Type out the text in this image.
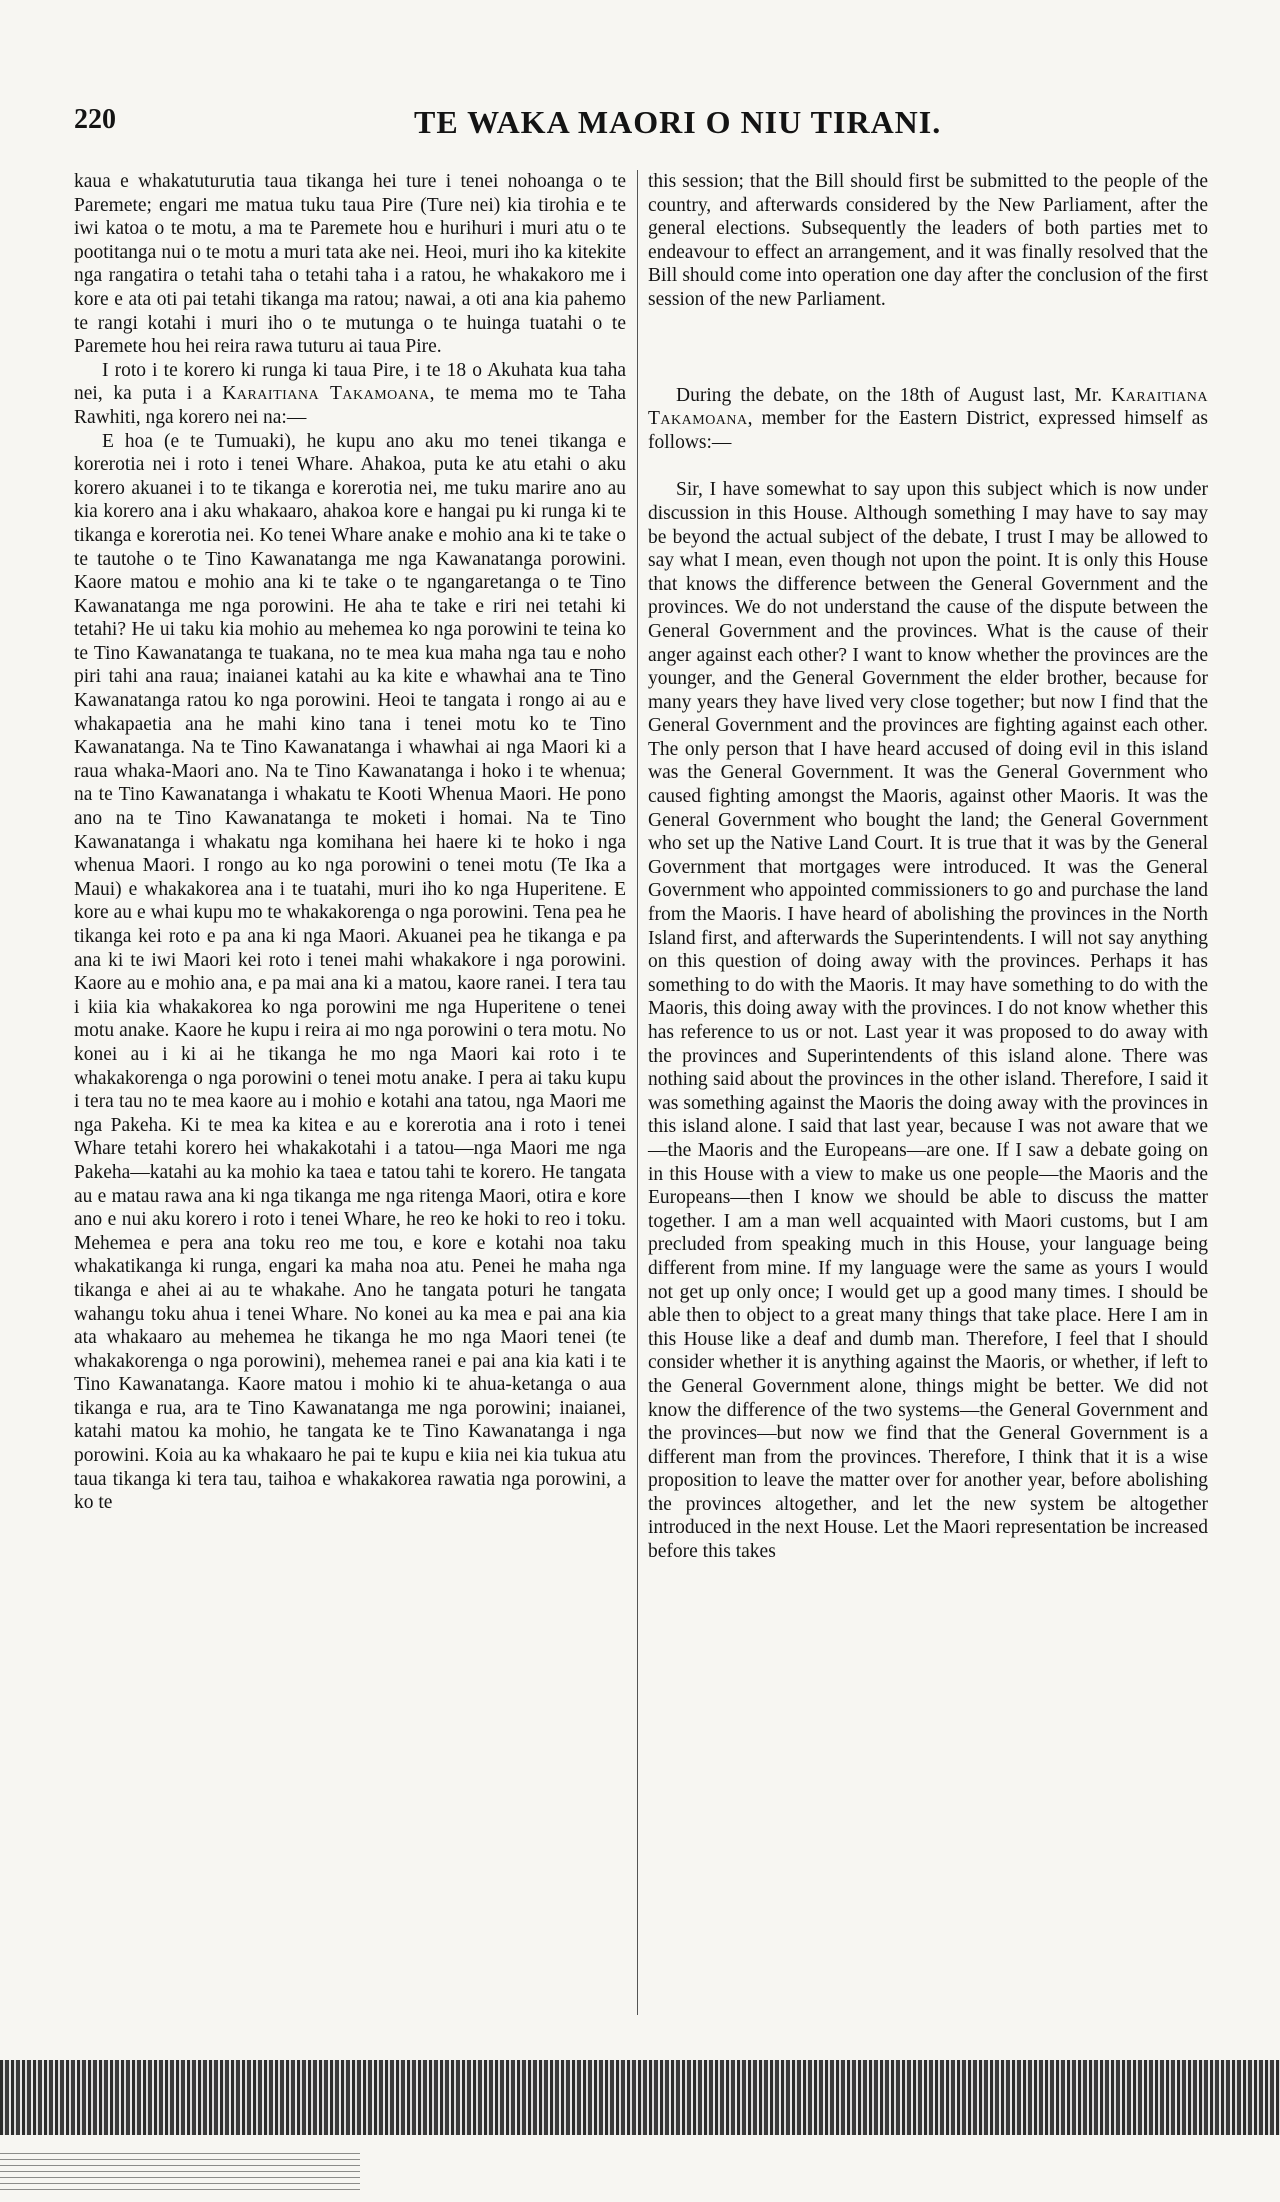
220	TE WAKA MAORI O NIU TIRANI.

kaua e whakatuturutia taua tikanga hei ture i tenei nohoanga o te Paremete; engari me matua tuku taua Pire (Ture nei) kia tirohia e te iwi katoa o te motu, a ma te Paremete hou e hurihuri i muri atu o te pootitanga nui o te motu a muri tata ake nei. Heoi, muri iho ka kitekite nga rangatira o tetahi taha o tetahi taha i a ratou, he whakakoro me i kore e ata oti pai tetahi tikanga ma ratou; nawai, a oti ana kia pahemo te rangi kotahi i muri iho o te mutunga o te huinga tuatahi o te Paremete hou hei reira rawa tuturu ai taua Pire.

I roto i te korero ki runga ki taua Pire, i te 18 o Akuhata kua taha nei, ka puta i a Karaitiana Takamoana, te mema mo te Taha Rawhiti, nga korero nei na:—

E hoa (e te Tumuaki), he kupu ano aku mo tenei tikanga e korerotia nei i roto i tenei Whare. Ahakoa, puta ke atu etahi o aku korero akuanei i to te tikanga e korerotia nei, me tuku marire ano au kia korero ana i aku whakaaro, ahakoa kore e hangai pu ki runga ki te tikanga e korerotia nei. Ko tenei Whare anake e mohio ana ki te take o te tautohe o te Tino Kawanatanga me nga Kawanatanga porowini. Kaore matou e mohio ana ki te take o te ngangaretanga o te Tino Kawanatanga me nga porowini. He aha te take e riri nei tetahi ki tetahi? He ui taku kia mohio au mehemea ko nga porowini te teina ko te Tino Kawanatanga te tuakana, no te mea kua maha nga tau e noho piri tahi ana raua; inaianei katahi au ka kite e whawhai ana te Tino Kawanatanga ratou ko nga porowini. Heoi te tangata i rongo ai au e whakapaetia ana he mahi kino tana i tenei motu ko te Tino Kawanatanga. Na te Tino Kawanatanga i whawhai ai nga Maori ki a raua whaka-Maori ano. Na te Tino Kawanatanga i hoko i te whenua; na te Tino Kawanatanga i whakatu te Kooti Whenua Maori. He pono ano na te Tino Kawanatanga te moketi i homai. Na te Tino Kawanatanga i whakatu nga komihana hei haere ki te hoko i nga whenua Maori. I rongo au ko nga porowini o tenei motu (Te Ika a Maui) e whakakorea ana i te tuatahi, muri iho ko nga Huperitene. E kore au e whai kupu mo te whakakorenga o nga porowini. Tena pea he tikanga kei roto e pa ana ki nga Maori. Akuanei pea he tikanga e pa ana ki te iwi Maori kei roto i tenei mahi whakakore i nga porowini. Kaore au e mohio ana, e pa mai ana ki a matou, kaore ranei. I tera tau i kiia kia whakakorea ko nga porowini me nga Huperitene o tenei motu anake. Kaore he kupu i reira ai mo nga porowini o tera motu. No konei au i ki ai he tikanga he mo nga Maori kai roto i te whakakorenga o nga porowini o tenei motu anake. I pera ai taku kupu i tera tau no te mea kaore au i mohio e kotahi ana tatou, nga Maori me nga Pakeha. Ki te mea ka kitea e au e korerotia ana i roto i tenei Whare tetahi korero hei whakakotahi i a tatou—nga Maori me nga Pakeha—katahi au ka mohio ka taea e tatou tahi te korero. He tangata au e matau rawa ana ki nga tikanga me nga ritenga Maori, otira e kore ano e nui aku korero i roto i tenei Whare, he reo ke hoki to reo i toku. Mehemea e pera ana toku reo me tou, e kore e kotahi noa taku whakatikanga ki runga, engari ka maha noa atu. Penei he maha nga tikanga e ahei ai au te whakahe. Ano he tangata poturi he tangata wahangu toku ahua i tenei Whare. No konei au ka mea e pai ana kia ata whakaaro au mehemea he tikanga he mo nga Maori tenei (te whakakorenga o nga porowini), mehemea ranei e pai ana kia kati i te Tino Kawanatanga. Kaore matou i mohio ki te ahua-ketanga o aua tikanga e rua, ara te Tino Kawanatanga me nga porowini; inaianei, katahi matou ka mohio, he tangata ke te Tino Kawanatanga i nga porowini. Koia au ka whakaaro he pai te kupu e kiia nei kia tukua atu taua tikanga ki tera tau, taihoa e whakakorea rawatia nga porowini, a ko te

this session; that the Bill should first be submitted to the people of the country, and afterwards considered by the New Parliament, after the general elections. Subsequently the leaders of both parties met to endeavour to effect an arrangement, and it was finally resolved that the Bill should come into operation one day after the conclusion of the first session of the new Parliament.

During the debate, on the 18th of August last, Mr. Karaitiana Takamoana, member for the Eastern District, expressed himself as follows:—

Sir, I have somewhat to say upon this subject which is now under discussion in this House. Although something I may have to say may be beyond the actual subject of the debate, I trust I may be allowed to say what I mean, even though not upon the point. It is only this House that knows the difference between the General Government and the provinces. We do not understand the cause of the dispute between the General Government and the provinces. What is the cause of their anger against each other? I want to know whether the provinces are the younger, and the General Government the elder brother, because for many years they have lived very close together; but now I find that the General Government and the provinces are fighting against each other. The only person that I have heard accused of doing evil in this island was the General Government. It was the General Government who caused fighting amongst the Maoris, against other Maoris. It was the General Government who bought the land; the General Government who set up the Native Land Court. It is true that it was by the General Government that mortgages were introduced. It was the General Government who appointed commissioners to go and purchase the land from the Maoris. I have heard of abolishing the provinces in the North Island first, and afterwards the Superintendents. I will not say anything on this question of doing away with the provinces. Perhaps it has something to do with the Maoris. It may have something to do with the Maoris, this doing away with the provinces. I do not know whether this has reference to us or not. Last year it was proposed to do away with the provinces and Superintendents of this island alone. There was nothing said about the provinces in the other island. Therefore, I said it was something against the Maoris the doing away with the provinces in this island alone. I said that last year, because I was not aware that we—the Maoris and the Europeans—are one. If I saw a debate going on in this House with a view to make us one people—the Maoris and the Europeans—then I know we should be able to discuss the matter together. I am a man well acquainted with Maori customs, but I am precluded from speaking much in this House, your language being different from mine. If my language were the same as yours I would not get up only once; I would get up a good many times. I should be able then to object to a great many things that take place. Here I am in this House like a deaf and dumb man. Therefore, I feel that I should consider whether it is anything against the Maoris, or whether, if left to the General Government alone, things might be better. We did not know the difference of the two systems—the General Government and the provinces—but now we find that the General Government is a different man from the provinces. Therefore, I think that it is a wise proposition to leave the matter over for another year, before abolishing the provinces altogether, and let the new system be altogether introduced in the next House. Let the Maori representation be increased before this takes
